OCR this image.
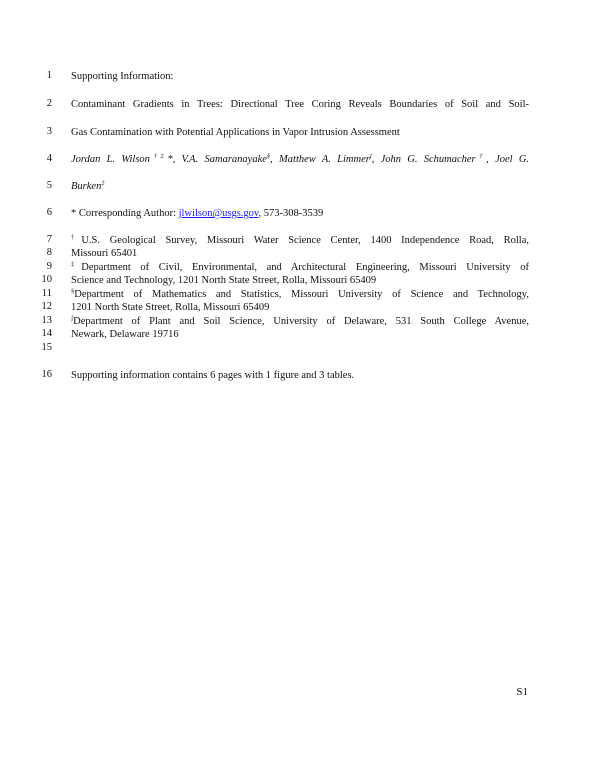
1
2
3
4
5
6
7
8
9
10
11
12
13
14
15
16
Supporting Information:
Contaminant Gradients in Trees: Directional Tree Coring Reveals Boundaries of Soil and Soil-
Gas Contamination with Potential Applications in Vapor Intrusion Assessment
Jordan L. Wilson†‡*, V.A. Samaranayake§, Matthew A. Limmer$^ʃ$, John G. Schumacher†, Joel G.
Burken‡
* Corresponding Author: jlwilson@usgs.gov, 573-308-3539
†U.S. Geological Survey, Missouri Water Science Center, 1400 Independence Road, Rolla,
Missouri 65401
‡Department of Civil, Environmental, and Architectural Engineering, Missouri University of
Science and Technology, 1201 North State Street, Rolla, Missouri 65409
§Department of Mathematics and Statistics, Missouri University of Science and Technology,
1201 North State Street, Rolla, Missouri 65409
$^ʃ$Department of Plant and Soil Science, University of Delaware, 531 South College Avenue,
Newark, Delaware 19716
Supporting information contains 6 pages with 1 figure and 3 tables.
S1
